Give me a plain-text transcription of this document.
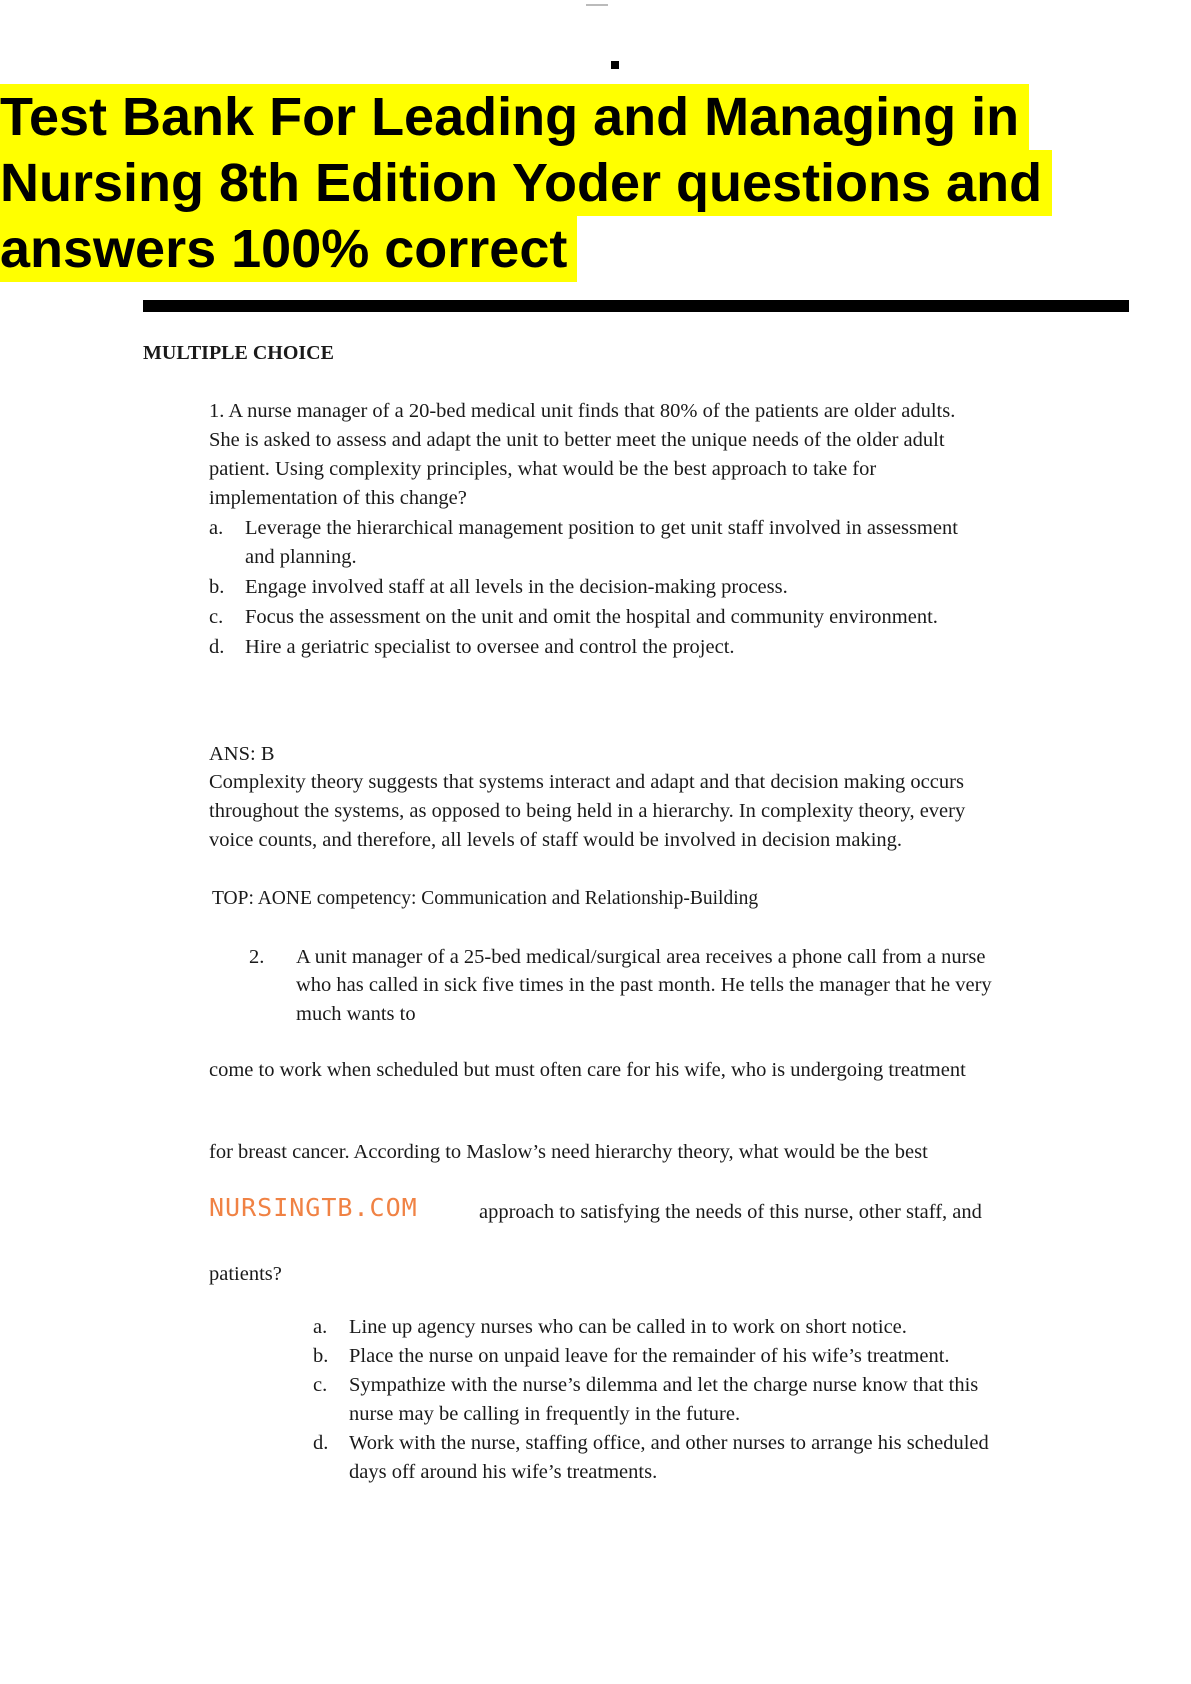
Test Bank For Leading and Managing in
Nursing 8th Edition Yoder questions and
answers 100% correct
MULTIPLE CHOICE
1. A nurse manager of a 20-bed medical unit finds that 80% of the patients are older adults.
She is asked to assess and adapt the unit to better meet the unique needs of the older adult
patient. Using complexity principles, what would be the best approach to take for
implementation of this change?
a. Leverage the hierarchical management position to get unit staff involved in assessment
and planning.
b. Engage involved staff at all levels in the decision-making process.
c. Focus the assessment on the unit and omit the hospital and community environment.
d. Hire a geriatric specialist to oversee and control the project.
ANS: B
Complexity theory suggests that systems interact and adapt and that decision making occurs
throughout the systems, as opposed to being held in a hierarchy. In complexity theory, every
voice counts, and therefore, all levels of staff would be involved in decision making.
TOP: AONE competency: Communication and Relationship-Building
2. A unit manager of a 25-bed medical/surgical area receives a phone call from a nurse
who has called in sick five times in the past month. He tells the manager that he very
much wants to
come to work when scheduled but must often care for his wife, who is undergoing treatment
for breast cancer. According to Maslow’s need hierarchy theory, what would be the best
NURSINGTB.COM	approach to satisfying the needs of this nurse, other staff, and
patients?
a. Line up agency nurses who can be called in to work on short notice.
b. Place the nurse on unpaid leave for the remainder of his wife’s treatment.
c. Sympathize with the nurse’s dilemma and let the charge nurse know that this
nurse may be calling in frequently in the future.
d. Work with the nurse, staffing office, and other nurses to arrange his scheduled
days off around his wife’s treatments.
